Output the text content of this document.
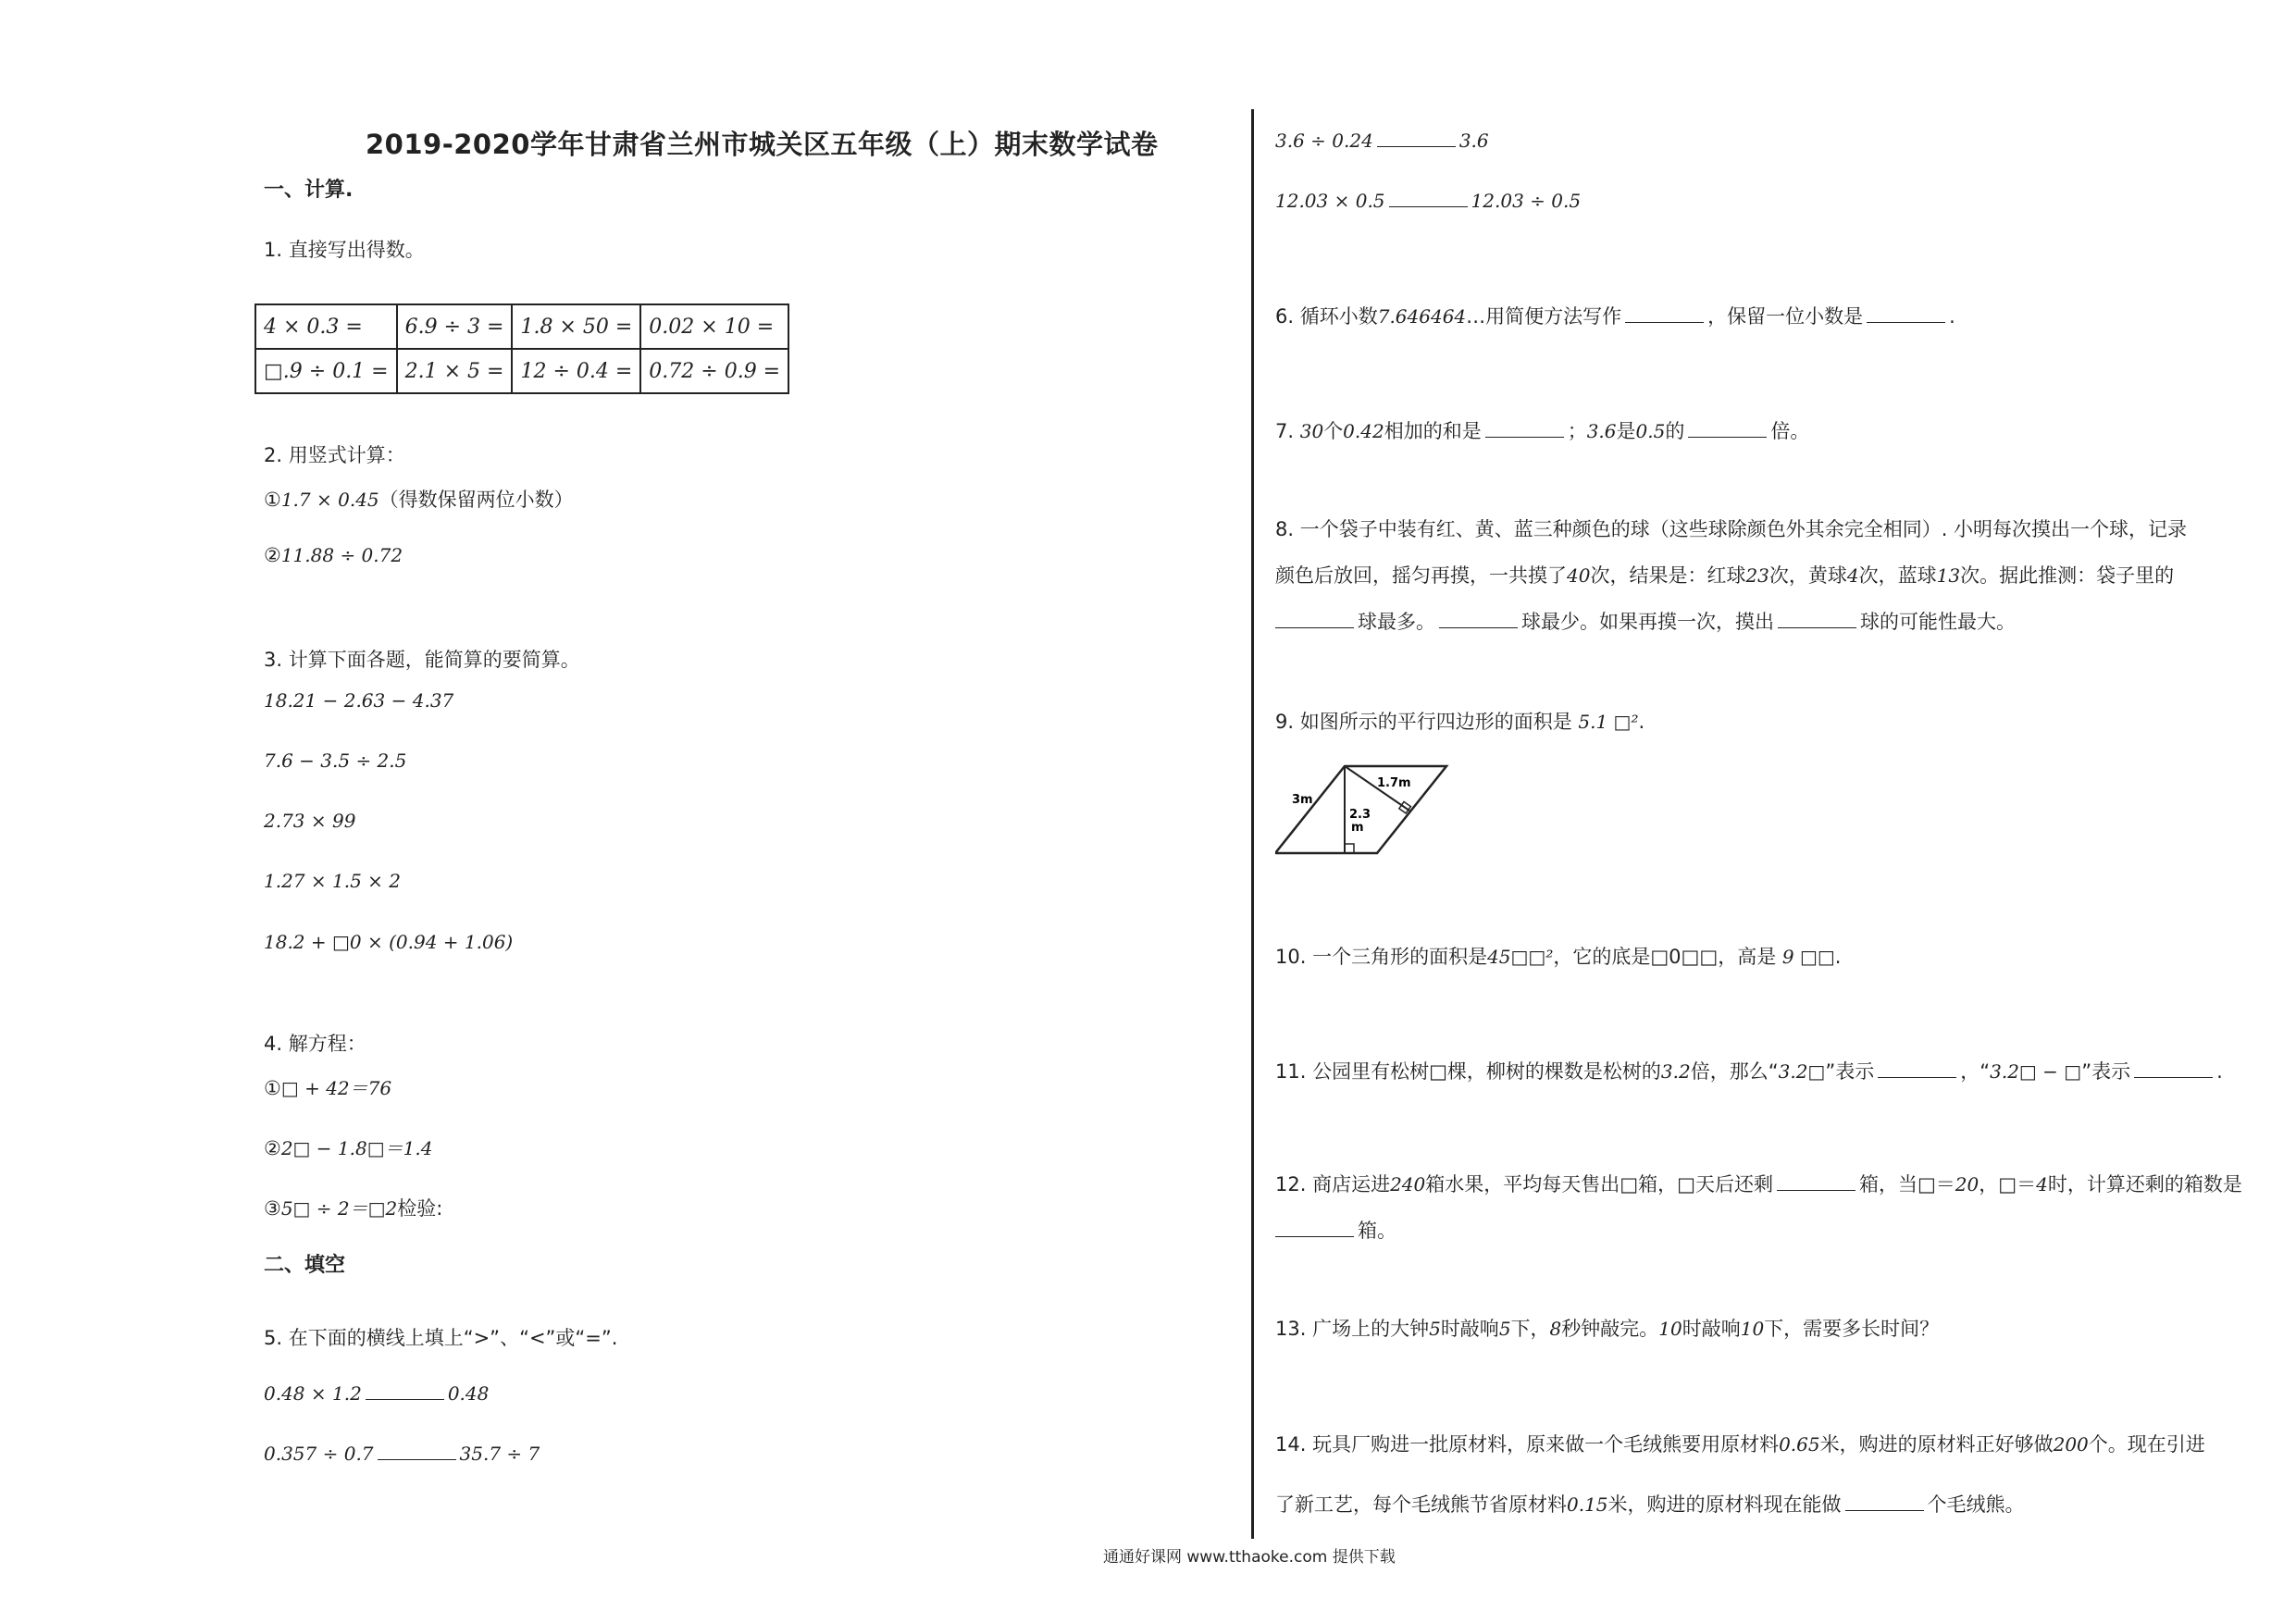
2019-2020学年甘肃省兰州市城关区五年级（上）期末数学试卷
一、计算.
1. 直接写出得数。
4 × 0.3 =	6.9 ÷ 3 =	1.8 × 50 =	0.02 × 10 =
□.9 ÷ 0.1 =	2.1 × 5 =	12 ÷ 0.4 =	0.72 ÷ 0.9 =
2. 用竖式计算：
①1.7 × 0.45（得数保留两位小数）
②11.88 ÷ 0.72
3. 计算下面各题，能简算的要简算。
18.21 − 2.63 − 4.37
7.6 − 3.5 ÷ 2.5
2.73 × 99
1.27 × 1.5 × 2
18.2 + □0 × (0.94 + 1.06)
4. 解方程：
①□ + 42＝76
②2□ − 1.8□＝1.4
③5□ ÷ 2＝□2检验:
二、填空
5. 在下面的横线上填上“>”、“<”或“=”.
0.48 × 1.2	0.48
0.357 ÷ 0.7	35.7 ÷ 7
3.6 ÷ 0.24	3.6
12.03 × 0.5	12.03 ÷ 0.5
6. 循环小数7.646464…用简便方法写作	，保留一位小数是	.
7. 30个0.42相加的和是	；3.6是0.5的	倍。
8. 一个袋子中装有红、黄、蓝三种颜色的球（这些球除颜色外其余完全相同）. 小明每次摸出一个球，记录
颜色后放回，摇匀再摸，一共摸了40次，结果是：红球23次，黄球4次，蓝球13次。据此推测：袋子里的
球最多。	球最少。如果再摸一次，摸出	球的可能性最大。
9. 如图所示的平行四边形的面积是 5.1 □².
3m
1.7m
2.3
m
10. 一个三角形的面积是45□□²，它的底是□0□□，高是 9 □□.
11. 公园里有松树□棵，柳树的棵数是松树的3.2倍，那么“3.2□”表示	，“3.2□ − □”表示	.
12. 商店运进240箱水果，平均每天售出□箱，□天后还剩	箱，当□＝20，□＝4时，计算还剩的箱数是
箱。
13. 广场上的大钟5时敲响5下，8秒钟敲完。10时敲响10下，需要多长时间？
14. 玩具厂购进一批原材料，原来做一个毛绒熊要用原材料0.65米，购进的原材料正好够做200个。现在引进
了新工艺，每个毛绒熊节省原材料0.15米，购进的原材料现在能做	个毛绒熊。
通通好课网 www.tthaoke.com 提供下载
